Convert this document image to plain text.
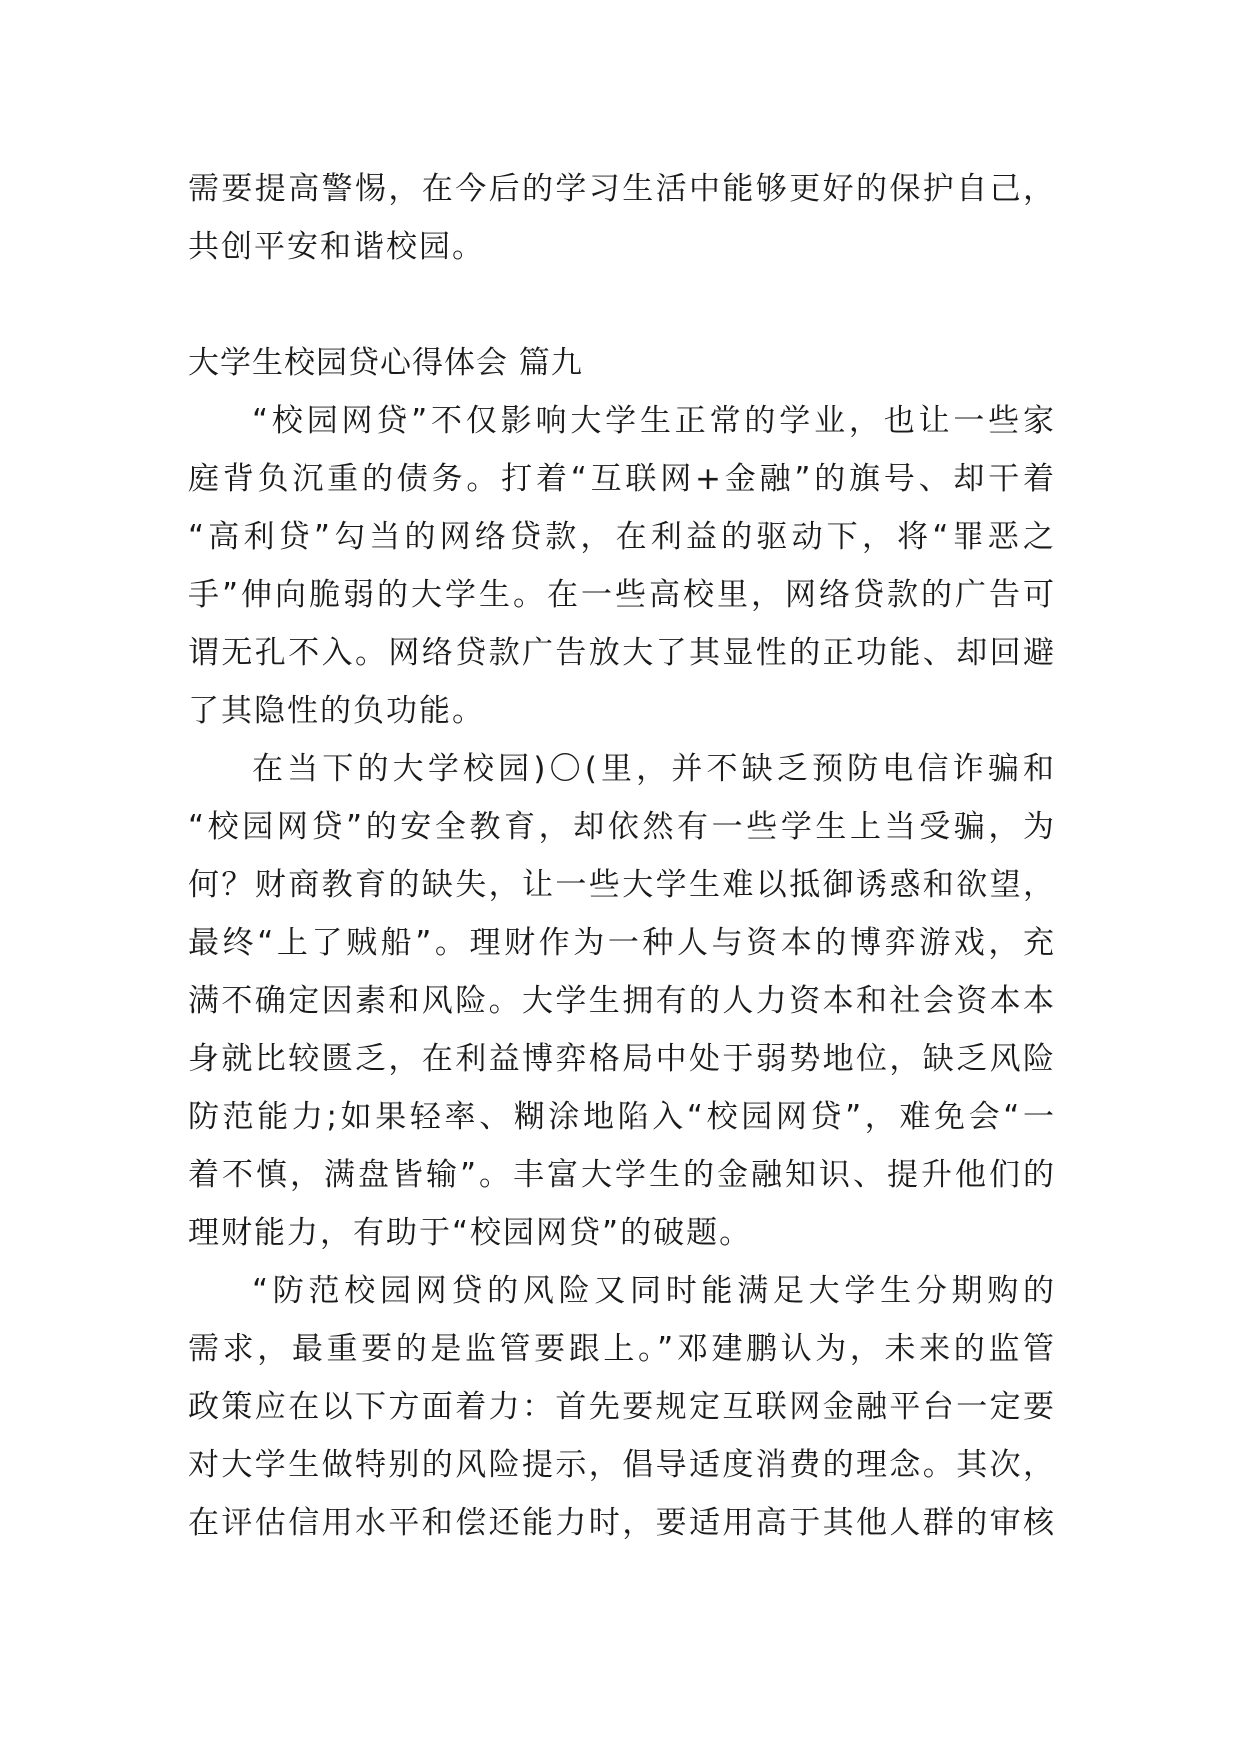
需要提高警惕，在今后的学习生活中能够更好的保护自己，
共创平安和谐校园。
大学生校园贷心得体会 篇九
“校园网贷”不仅影响大学生正常的学业，也让一些家
庭背负沉重的债务。打着“互联网+金融”的旗号、却干着
“高利贷”勾当的网络贷款，在利益的驱动下，将“罪恶之
手”伸向脆弱的大学生。在一些高校里，网络贷款的广告可
谓无孔不入。网络贷款广告放大了其显性的正功能、却回避
了其隐性的负功能。
在当下的大学校园)〇(里，并不缺乏预防电信诈骗和
“校园网贷”的安全教育，却依然有一些学生上当受骗，为
何？财商教育的缺失，让一些大学生难以抵御诱惑和欲望，
最终“上了贼船”。理财作为一种人与资本的博弈游戏，充
满不确定因素和风险。大学生拥有的人力资本和社会资本本
身就比较匮乏，在利益博弈格局中处于弱势地位，缺乏风险
防范能力;如果轻率、糊涂地陷入“校园网贷”，难免会“一
着不慎，满盘皆输”。丰富大学生的金融知识、提升他们的
理财能力，有助于“校园网贷”的破题。
“防范校园网贷的风险又同时能满足大学生分期购的
需求，最重要的是监管要跟上。”邓建鹏认为，未来的监管
政策应在以下方面着力：首先要规定互联网金融平台一定要
对大学生做特别的风险提示，倡导适度消费的理念。其次，
在评估信用水平和偿还能力时，要适用高于其他人群的审核
